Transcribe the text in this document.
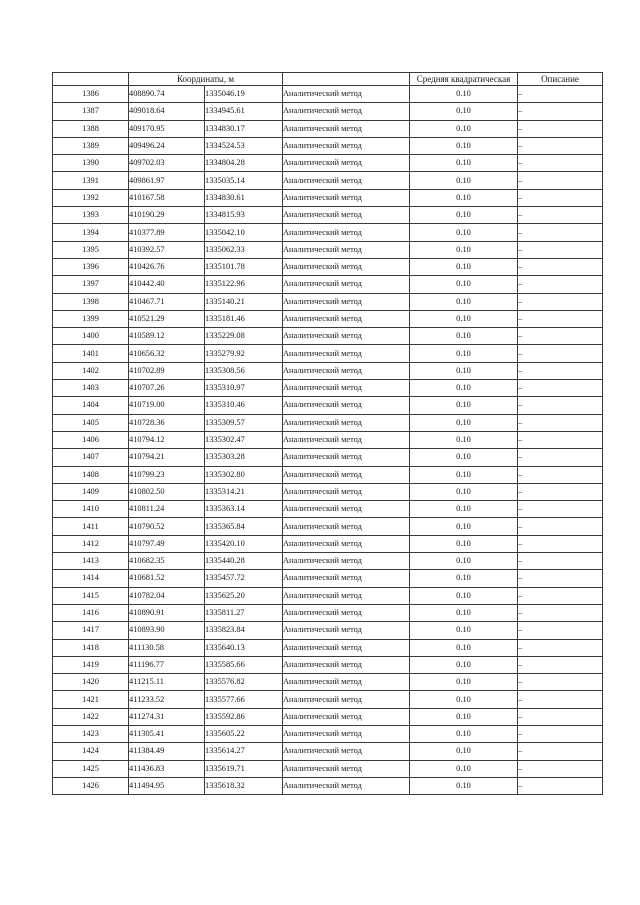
	Координаты, м			Средняя квадратическая	Описание
1386	408890.74	1335046.19	Аналитический метод	0.10	–
1387	409018.64	1334945.61	Аналитический метод	0.10	–
1388	409170.95	1334830.17	Аналитический метод	0.10	–
1389	409496.24	1334524.53	Аналитический метод	0.10	–
1390	409702.03	1334804.28	Аналитический метод	0.10	–
1391	409861.97	1335035.14	Аналитический метод	0.10	–
1392	410167.58	1334830.61	Аналитический метод	0.10	–
1393	410190.29	1334815.93	Аналитический метод	0.10	–
1394	410377.89	1335042.10	Аналитический метод	0.10	–
1395	410392.57	1335062.33	Аналитический метод	0.10	–
1396	410426.76	1335101.78	Аналитический метод	0.10	–
1397	410442.40	1335122.96	Аналитический метод	0.10	–
1398	410467.71	1335140.21	Аналитический метод	0.10	–
1399	410521.29	1335181.46	Аналитический метод	0.10	–
1400	410589.12	1335229.08	Аналитический метод	0.10	–
1401	410656.32	1335279.92	Аналитический метод	0.10	–
1402	410702.89	1335308.56	Аналитический метод	0.10	–
1403	410707.26	1335310.97	Аналитический метод	0.10	–
1404	410719.00	1335310.46	Аналитический метод	0.10	–
1405	410728.36	1335309.57	Аналитический метод	0.10	–
1406	410794.12	1335302.47	Аналитический метод	0.10	–
1407	410794.21	1335303.28	Аналитический метод	0.10	–
1408	410799.23	1335302.80	Аналитический метод	0.10	–
1409	410802.50	1335314.21	Аналитический метод	0.10	–
1410	410811.24	1335363.14	Аналитический метод	0.10	–
1411	410790.52	1335365.84	Аналитический метод	0.10	–
1412	410797.49	1335420.10	Аналитический метод	0.10	–
1413	410682.35	1335440.28	Аналитический метод	0.10	–
1414	410681.52	1335457.72	Аналитический метод	0.10	–
1415	410782.04	1335625.20	Аналитический метод	0.10	–
1416	410890.91	1335811.27	Аналитический метод	0.10	–
1417	410893.90	1335823.84	Аналитический метод	0.10	–
1418	411130.58	1335640.13	Аналитический метод	0.10	–
1419	411196.77	1335585.66	Аналитический метод	0.10	–
1420	411215.11	1335576.82	Аналитический метод	0.10	–
1421	411233.52	1335577.66	Аналитический метод	0.10	–
1422	411274.31	1335592.86	Аналитический метод	0.10	–
1423	411305.41	1335605.22	Аналитический метод	0.10	–
1424	411384.49	1335614.27	Аналитический метод	0.10	–
1425	411436.83	1335619.71	Аналитический метод	0.10	–
1426	411494.95	1335618.32	Аналитический метод	0.10	–
